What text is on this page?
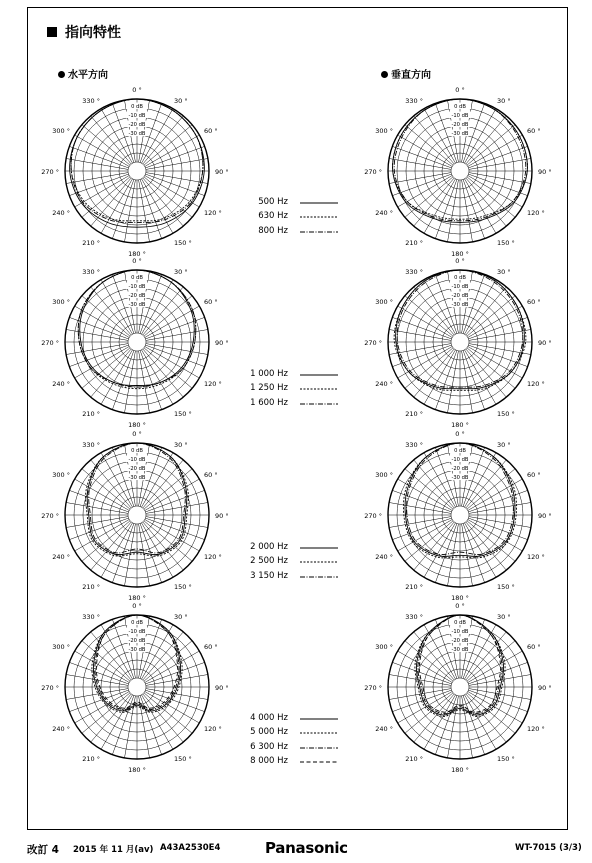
指向特性
水平方向	垂直方向
0 °
30 °
60 °
90 °
120 °
150 °
180 °
210 °
240 °
270 °
300 °
330 °
0 dB
-10 dB
-20 dB
-30 dB
0 °
30 °
60 °
90 °
120 °
150 °
180 °
210 °
240 °
270 °
300 °
330 °
0 dB
-10 dB
-20 dB
-30 dB
0 °
30 °
60 °
90 °
120 °
150 °
180 °
210 °
240 °
270 °
300 °
330 °
0 dB
-10 dB
-20 dB
-30 dB
0 °
30 °
60 °
90 °
120 °
150 °
180 °
210 °
240 °
270 °
300 °
330 °
0 dB
-10 dB
-20 dB
-30 dB
0 °
30 °
60 °
90 °
120 °
150 °
180 °
210 °
240 °
270 °
300 °
330 °
0 dB
-10 dB
-20 dB
-30 dB
0 °
30 °
60 °
90 °
120 °
150 °
180 °
210 °
240 °
270 °
300 °
330 °
0 dB
-10 dB
-20 dB
-30 dB
0 °
30 °
60 °
90 °
120 °
150 °
180 °
210 °
240 °
270 °
300 °
330 °
0 dB
-10 dB
-20 dB
-30 dB
0 °
30 °
60 °
90 °
120 °
150 °
180 °
210 °
240 °
270 °
300 °
330 °
0 dB
-10 dB
-20 dB
-30 dB
500 Hz
630 Hz
800 Hz
1 000 Hz
1 250 Hz
1 600 Hz
2 000 Hz
2 500 Hz
3 150 Hz
4 000 Hz
5 000 Hz
6 300 Hz
8 000 Hz
改訂 4 2015 年 11 月(av) A43A2530E4	Panasonic	WT-7015 (3/3)
